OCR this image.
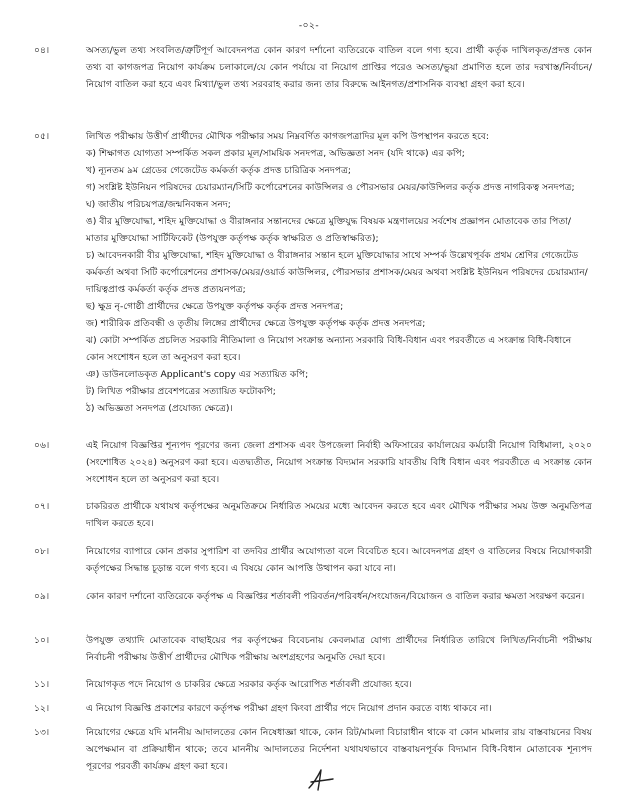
-০২-
০৪।	অসত্য/ভুল তথ্য সংবলিত/ত্রুটিপূর্ণ আবেদনপত্র কোন কারণ দর্শানো ব্যতিরেকে বাতিল বলে গণ্য হবে। প্রার্থী কর্তৃক দাখিলকৃত/প্রদত্ত কোন তথ্য বা কাগজপত্র নিয়োগ কার্যক্রম চলাকালে/যে কোন পর্যায়ে বা নিয়োগ প্রাপ্তির পরেও অসত্য/ভুয়া প্রমাণিত হলে তার দরখাস্ত/নির্বাচন/নিয়োগ বাতিল করা হবে এবং মিথ্যা/ভুল তথ্য সরবরাহ করার জন্য তার বিরুদ্ধে আইনগত/প্রশাসনিক ব্যবস্থা গ্রহণ করা হবে।

০৫।	লিখিত পরীক্ষায় উত্তীর্ণ প্রার্থীদের মৌখিক পরীক্ষার সময় নিম্নবর্ণিত কাগজপত্রাদির মূল কপি উপস্থাপন করতে হবে:

ক) শিক্ষাগত যোগ্যতা সম্পর্কিত সকল প্রকার মূল/সাময়িক সনদপত্র, অভিজ্ঞতা সনদ (যদি থাকে) এর কপি;

খ) ন্যূনতম ৯ম গ্রেডের গেজেটেড কর্মকর্তা কর্তৃক প্রদত্ত চারিত্রিক সনদপত্র;

গ) সংশ্লিষ্ট ইউনিয়ন পরিষদের চেয়ারম্যান/সিটি কর্পোরেশনের কাউন্সিলর ও পৌরসভার মেয়র/কাউন্সিলর কর্তৃক প্রদত্ত নাগরিকত্ব সনদপত্র;

ঘ) জাতীয় পরিচয়পত্র/জন্মনিবন্ধন সনদ;

ঙ) বীর মুক্তিযোদ্ধা, শহিদ মুক্তিযোদ্ধা ও বীরাঙ্গনার সন্তানদের ক্ষেত্রে মুক্তিযুদ্ধ বিষয়ক মন্ত্রণালয়ের সর্বশেষ প্রজ্ঞাপন মোতাবেক তার পিতা/মাতার মুক্তিযোদ্ধা সার্টিফিকেট (উপযুক্ত কর্তৃপক্ষ কর্তৃক স্বাক্ষরিত ও প্রতিস্বাক্ষরিত);

চ) আবেদনকারী বীর মুক্তিযোদ্ধা, শহিদ মুক্তিযোদ্ধা ও বীরাঙ্গনার সন্তান হলে মুক্তিযোদ্ধার সাথে সম্পর্ক উল্লেখপূর্বক প্রথম শ্রেণির গেজেটেড কর্মকর্তা অথবা সিটি কর্পোরেশনের প্রশাসক/মেয়র/ওয়ার্ড কাউন্সিলর, পৌরসভার প্রশাসক/মেয়র অথবা সংশ্লিষ্ট ইউনিয়ন পরিষদের চেয়ারম্যান/দায়িত্বপ্রাপ্ত কর্মকর্তা কর্তৃক প্রদত্ত প্রত্যয়নপত্র;

ছ) ক্ষুদ্র নৃ-গোষ্ঠী প্রার্থীদের ক্ষেত্রে উপযুক্ত কর্তৃপক্ষ কর্তৃক প্রদত্ত সনদপত্র;

জ) শারীরিক প্রতিবন্ধী ও তৃতীয় লিঙ্গের প্রার্থীদের ক্ষেত্রে উপযুক্ত কর্তৃপক্ষ কর্তৃক প্রদত্ত সনদপত্র;

ঝ) কোটা সম্পর্কিত প্রচলিত সরকারি নীতিমালা ও নিয়োগ সংক্রান্ত অন্যান্য সরকারি বিধি-বিধান এবং পরবর্তীতে এ সংক্রান্ত বিধি-বিধানে কোন সংশোধন হলে তা অনুসরণ করা হবে।

ঞ) ডাউনলোডকৃত Applicant's copy এর সত্যায়িত কপি;

ট) লিখিত পরীক্ষার প্রবেশপত্রের সত্যায়িত ফটোকপি;

ঠ) অভিজ্ঞতা সনদপত্র (প্রযোজ্য ক্ষেত্রে)।

০৬।	এই নিয়োগ বিজ্ঞপ্তির শূন্যপদ পূরণের জন্য জেলা প্রশাসক এবং উপজেলা নির্বাহী অফিসারের কার্যালয়ের কর্মচারী নিয়োগ বিধিমালা, ২০২০ (সংশোধিত ২০২৪) অনুসরণ করা হবে। এতদ্ব্যতীত, নিয়োগ সংক্রান্ত বিদ্যমান সরকারি যাবতীয় বিধি বিধান এবং পরবর্তীতে এ সংক্রান্ত কোন সংশোধন হলে তা অনুসরণ করা হবে।

০৭।	চাকরিরত প্রার্থীকে যথাযথ কর্তৃপক্ষের অনুমতিক্রমে নির্ধারিত সময়ের মধ্যে আবেদন করতে হবে এবং মৌখিক পরীক্ষার সময় উক্ত অনুমতিপত্র দাখিল করতে হবে।

০৮।	নিয়োগের ব্যাপারে কোন প্রকার সুপারিশ বা তদবির প্রার্থীর অযোগ্যতা বলে বিবেচিত হবে। আবেদনপত্র গ্রহণ ও বাতিলের বিষয়ে নিয়োগকারী কর্তৃপক্ষের সিদ্ধান্ত চূড়ান্ত বলে গণ্য হবে। এ বিষয়ে কোন আপত্তি উত্থাপন করা যাবে না।

০৯।	কোন কারণ দর্শানো ব্যতিরেকে কর্তৃপক্ষ এ বিজ্ঞপ্তির শর্তাবলী পরিবর্তন/পরিবর্ধন/সংযোজন/বিয়োজন ও বাতিল করার ক্ষমতা সংরক্ষণ করেন।

১০।	উপযুক্ত তথ্যাদি মোতাবেক বাছাইয়ের পর কর্তৃপক্ষের বিবেচনায় কেবলমাত্র যোগ্য প্রার্থীদের নির্ধারিত তারিখে লিখিত/নির্বাচনী পরীক্ষায় নির্বাচনী পরীক্ষায় উত্তীর্ণ প্রার্থীদের মৌখিক পরীক্ষায় অংশগ্রহণের অনুমতি দেয়া হবে।

১১।	নিয়োগকৃত পদে নিয়োগ ও চাকরির ক্ষেত্রে সরকার কর্তৃক আরোপিত শর্তাবলী প্রযোজ্য হবে।

১২।	এ নিয়োগ বিজ্ঞপ্তি প্রকাশের কারণে কর্তৃপক্ষ পরীক্ষা গ্রহণ কিংবা প্রার্থীর পদে নিয়োগ প্রদান করতে বাধ্য থাকবে না।

১৩।	নিয়োগের ক্ষেত্রে যদি মাননীয় আদালতের কোন নিষেধাজ্ঞা থাকে, কোন রিট/মামলা বিচারাধীন থাকে বা কোন মামলার রায় বাস্তবায়নের বিষয় অপেক্ষমান বা প্রক্রিয়াধীন থাকে; তবে মাননীয় আদালতের নির্দেশনা যথাযথভাবে বাস্তবায়নপূর্বক বিদ্যমান বিধি-বিধান মোতাবেক শূন্যপদ পূরণের পরবর্তী কার্যক্রম গ্রহণ করা হবে।
